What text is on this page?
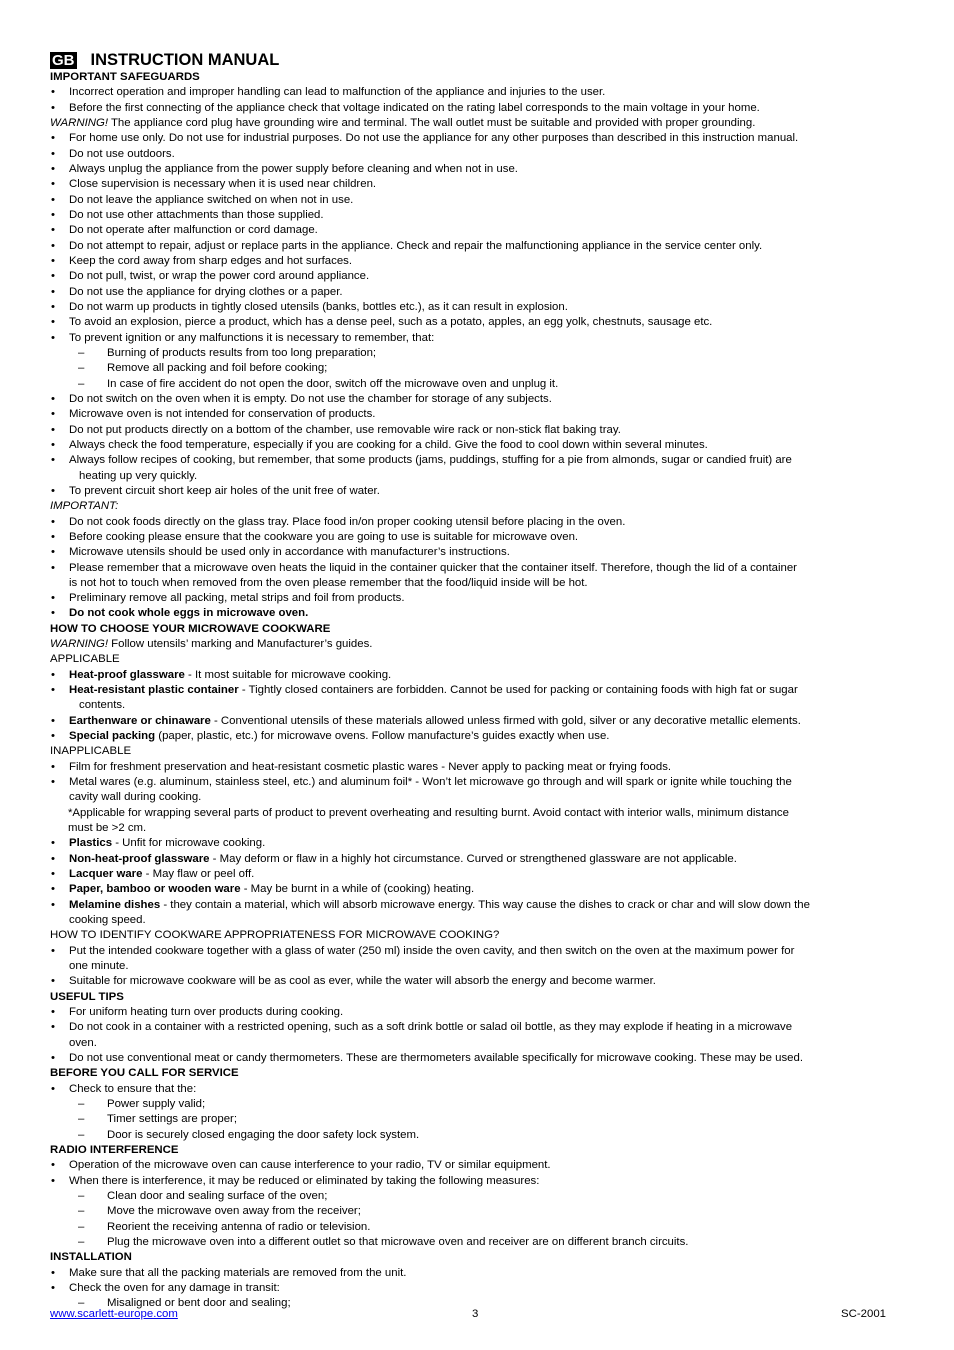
GB INSTRUCTION MANUAL
IMPORTANT SAFEGUARDS
•	Incorrect operation and improper handling can lead to malfunction of the appliance and injuries to the user.
•	Before the first connecting of the appliance check that voltage indicated on the rating label corresponds to the main voltage in your home.
WARNING! The appliance cord plug have grounding wire and terminal. The wall outlet must be suitable and provided with proper grounding.
•	For home use only. Do not use for industrial purposes. Do not use the appliance for any other purposes than described in this instruction manual.
•	Do not use outdoors.
•	Always unplug the appliance from the power supply before cleaning and when not in use.
•	Close supervision is necessary when it is used near children.
•	Do not leave the appliance switched on when not in use.
•	Do not use other attachments than those supplied.
•	Do not operate after malfunction or cord damage.
•	Do not attempt to repair, adjust or replace parts in the appliance. Check and repair the malfunctioning appliance in the service center only.
•	Keep the cord away from sharp edges and hot surfaces.
•	Do not pull, twist, or wrap the power cord around appliance.
•	Do not use the appliance for drying clothes or a paper.
•	Do not warm up products in tightly closed utensils (banks, bottles etc.), as it can result in explosion.
•	To avoid an explosion, pierce a product, which has a dense peel, such as a potato, apples, an egg yolk, chestnuts, sausage etc.
•	To prevent ignition or any malfunctions it is necessary to remember, that:
–	Burning of products results from too long preparation;
–	Remove all packing and foil before cooking;
–	In case of fire accident do not open the door, switch off the microwave oven and unplug it.
•	Do not switch on the oven when it is empty. Do not use the chamber for storage of any subjects.
•	Microwave oven is not intended for conservation of products.
•	Do not put products directly on a bottom of the chamber, use removable wire rack or non-stick flat baking tray.
•	Always check the food temperature, especially if you are cooking for a child. Give the food to cool down within several minutes.
•	Always follow recipes of cooking, but remember, that some products (jams, puddings, stuffing for a pie from almonds, sugar or candied fruit) are
heating up very quickly.
•	To prevent circuit short keep air holes of the unit free of water.
IMPORTANT:
•	Do not cook foods directly on the glass tray. Place food in/on proper cooking utensil before placing in the oven.
•	Before cooking please ensure that the cookware you are going to use is suitable for microwave oven.
•	Microwave utensils should be used only in accordance with manufacturer’s instructions.
•	Please remember that a microwave oven heats the liquid in the container quicker that the container itself. Therefore, though the lid of a container
is not hot to touch when removed from the oven please remember that the food/liquid inside will be hot.
•	Preliminary remove all packing, metal strips and foil from products.
•	Do not cook whole eggs in microwave oven.
HOW TO CHOOSE YOUR MICROWAVE COOKWARE
WARNING! Follow utensils’ marking and Manufacturer’s guides.
APPLICABLE
•	Heat-proof glassware - It most suitable for microwave cooking.
•	Heat-resistant plastic container - Tightly closed containers are forbidden. Cannot be used for packing or containing foods with high fat or sugar
contents.
•	Earthenware or chinaware - Conventional utensils of these materials allowed unless firmed with gold, silver or any decorative metallic elements.
•	Special packing (paper, plastic, etc.) for microwave ovens. Follow manufacture’s guides exactly when use.
INAPPLICABLE
•	Film for freshment preservation and heat-resistant cosmetic plastic wares - Never apply to packing meat or frying foods.
•	Metal wares (e.g. aluminum, stainless steel, etc.) and aluminum foil* - Won’t let microwave go through and will spark or ignite while touching the
cavity wall during cooking.
*Applicable for wrapping several parts of product to prevent overheating and resulting burnt. Avoid contact with interior walls, minimum distance
must be >2 cm.
•	Plastics - Unfit for microwave cooking.
•	Non-heat-proof glassware - May deform or flaw in a highly hot circumstance. Curved or strengthened glassware are not applicable.
•	Lacquer ware - May flaw or peel off.
•	Paper, bamboo or wooden ware - May be burnt in a while of (cooking) heating.
•	Melamine dishes - they contain a material, which will absorb microwave energy. This way cause the dishes to crack or char and will slow down the
cooking speed.
HOW TO IDENTIFY COOKWARE APPROPRIATENESS FOR MICROWAVE COOKING?
•	Put the intended cookware together with a glass of water (250 ml) inside the oven cavity, and then switch on the oven at the maximum power for
one minute.
•	Suitable for microwave cookware will be as cool as ever, while the water will absorb the energy and become warmer.
USEFUL TIPS
•	For uniform heating turn over products during cooking.
•	Do not cook in a container with a restricted opening, such as a soft drink bottle or salad oil bottle, as they may explode if heating in a microwave
oven.
•	Do not use conventional meat or candy thermometers. These are thermometers available specifically for microwave cooking. These may be used.
BEFORE YOU CALL FOR SERVICE
•	Check to ensure that the:
–	Power supply valid;
–	Timer settings are proper;
–	Door is securely closed engaging the door safety lock system.
RADIO INTERFERENCE
•	Operation of the microwave oven can cause interference to your radio, TV or similar equipment.
•	When there is interference, it may be reduced or eliminated by taking the following measures:
–	Clean door and sealing surface of the oven;
–	Move the microwave oven away from the receiver;
–	Reorient the receiving antenna of radio or television.
–	Plug the microwave oven into a different outlet so that microwave oven and receiver are on different branch circuits.
INSTALLATION
•	Make sure that all the packing materials are removed from the unit.
•	Check the oven for any damage in transit:
–	Misaligned or bent door and sealing;
www.scarlett-europe.com	3	SC-2001
